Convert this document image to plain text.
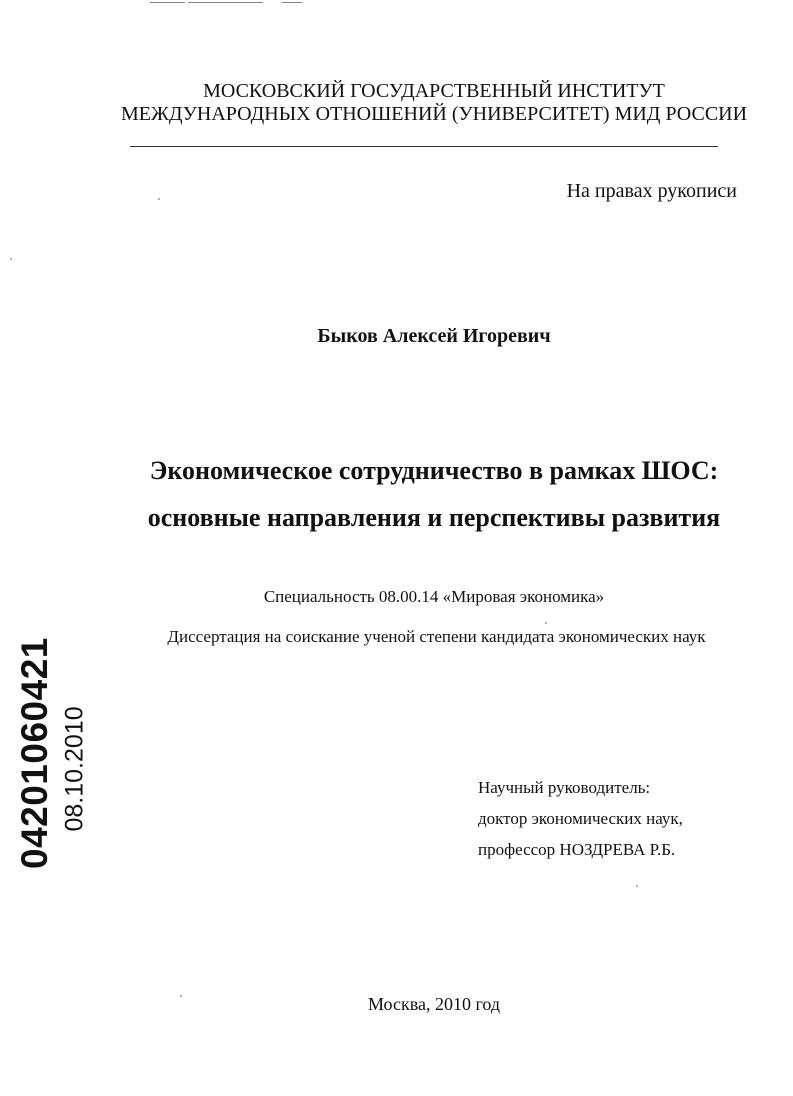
МОСКОВСКИЙ ГОСУДАРСТВЕННЫЙ ИНСТИТУТ
МЕЖДУНАРОДНЫХ ОТНОШЕНИЙ (УНИВЕРСИТЕТ) МИД РОССИИ
На правах рукописи
Быков Алексей Игоревич
Экономическое сотрудничество в рамках ШОС:
основные направления и перспективы развития
Специальность 08.00.14 «Мировая экономика»
Диссертация на соискание ученой степени кандидата экономических наук
Научный руководитель:
доктор экономических наук,
профессор НОЗДРЕВА Р.Б.
Москва, 2010 год
04201060421 08.10.2010
